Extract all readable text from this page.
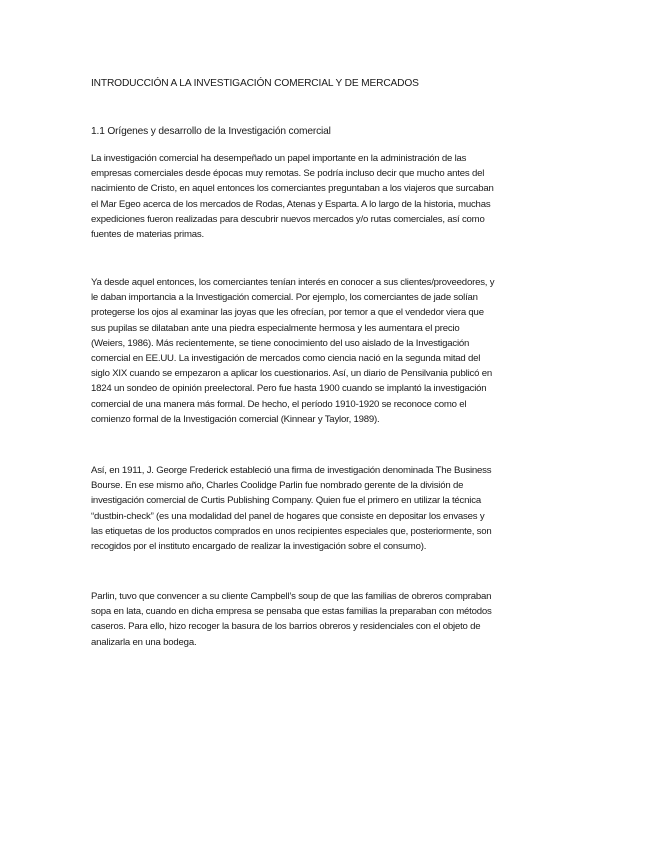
INTRODUCCIÓN A LA INVESTIGACIÓN COMERCIAL Y DE MERCADOS
1.1 Orígenes y desarrollo de la Investigación comercial
La investigación comercial ha desempeñado un papel importante en la administración de las
empresas comerciales desde épocas muy remotas. Se podría incluso decir que mucho antes del
nacimiento de Cristo, en aquel entonces los comerciantes preguntaban a los viajeros que surcaban
el Mar Egeo acerca de los mercados de Rodas, Atenas y Esparta. A lo largo de la historia, muchas
expediciones fueron realizadas para descubrir nuevos mercados y/o rutas comerciales, así como
fuentes de materias primas.
Ya desde aquel entonces, los comerciantes tenían interés en conocer a sus clientes/proveedores, y
le daban importancia a la Investigación comercial. Por ejemplo, los comerciantes de jade solían
protegerse los ojos al examinar las joyas que les ofrecían, por temor a que el vendedor viera que
sus pupilas se dilataban ante una piedra especialmente hermosa y les aumentara el precio
(Weiers, 1986). Más recientemente, se tiene conocimiento del uso aislado de la Investigación
comercial en EE.UU. La investigación de mercados como ciencia nació en la segunda mitad del
siglo XIX cuando se empezaron a aplicar los cuestionarios. Así, un diario de Pensilvania publicó en
1824 un sondeo de opinión preelectoral. Pero fue hasta 1900 cuando se implantó la investigación
comercial de una manera más formal. De hecho, el período 1910-1920 se reconoce como el
comienzo formal de la Investigación comercial (Kinnear y Taylor, 1989).
Así, en 1911, J. George Frederick estableció una firma de investigación denominada The Business
Bourse. En ese mismo año, Charles Coolidge Parlin fue nombrado gerente de la división de
investigación comercial de Curtis Publishing Company. Quien fue el primero en utilizar la técnica
“dustbin-check” (es una modalidad del panel de hogares que consiste en depositar los envases y
las etiquetas de los productos comprados en unos recipientes especiales que, posteriormente, son
recogidos por el instituto encargado de realizar la investigación sobre el consumo).
Parlin, tuvo que convencer a su cliente Campbell’s soup de que las familias de obreros compraban
sopa en lata, cuando en dicha empresa se pensaba que estas familias la preparaban con métodos
caseros. Para ello, hizo recoger la basura de los barrios obreros y residenciales con el objeto de
analizarla en una bodega.
